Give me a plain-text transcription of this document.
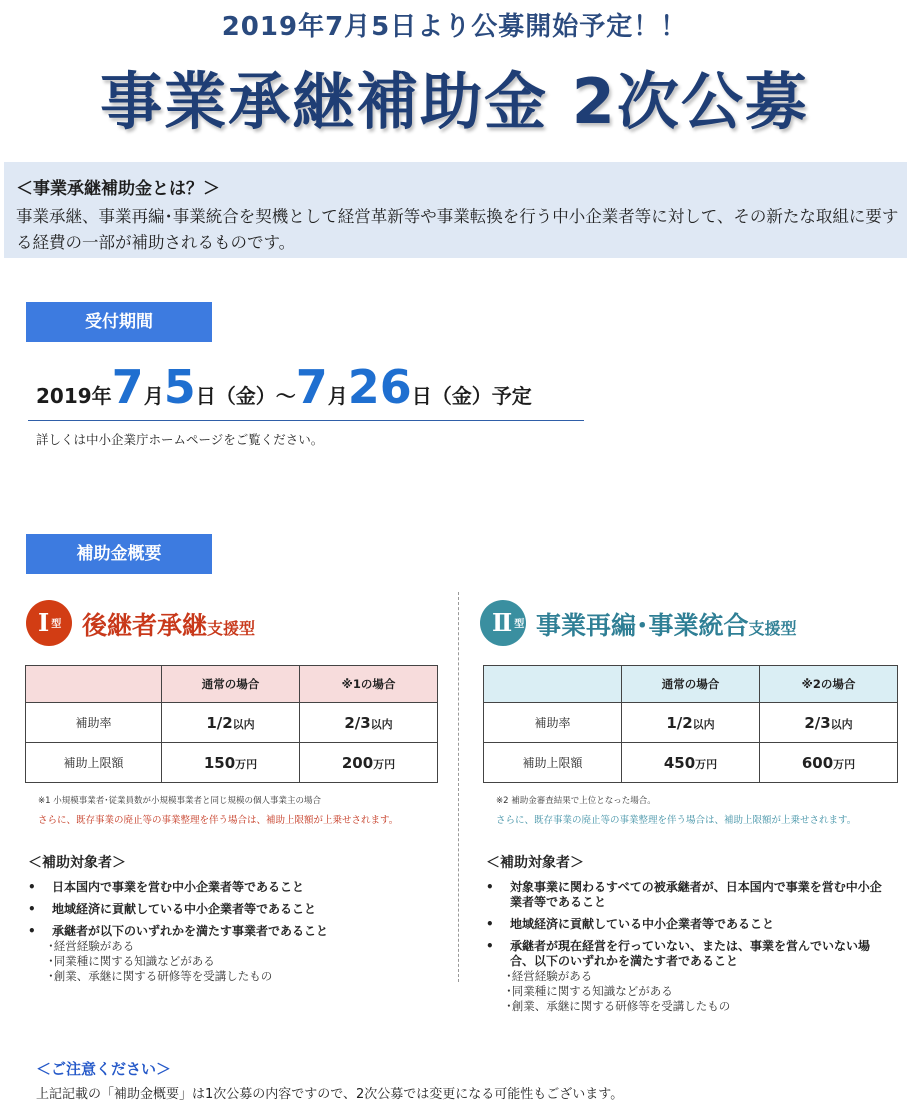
2019年7月5日より公募開始予定！！
事業承継補助金 2次公募
＜事業承継補助金とは？＞
事業承継、事業再編･事業統合を契機として経営革新等や事業転換を行う中小企業者等に対して、その新たな取組に要する経費の一部が補助されるものです。
受付期間
2019年7月5日（金）～7月26日（金）予定
詳しくは中小企業庁ホームページをご覧ください。
補助金概要
Ⅰ 型 後継者承継支援型	Ⅱ 型 事業再編･事業統合支援型
	通常の場合	※1の場合
補助率	1/2以内	2/3以内
補助上限額	150万円	200万円
	通常の場合	※2の場合
補助率	1/2以内	2/3以内
補助上限額	450万円	600万円
※1 小規模事業者･従業員数が小規模事業者と同じ規模の個人事業主の場合
さらに、既存事業の廃止等の事業整理を伴う場合は、補助上限額が上乗せされます。
※2 補助金審査結果で上位となった場合。
さらに、既存事業の廃止等の事業整理を伴う場合は、補助上限額が上乗せされます。
＜補助対象者＞
• 日本国内で事業を営む中小企業者等であること
• 地域経済に貢献している中小企業者等であること
• 承継者が以下のいずれかを満たす事業者であること
･経営経験がある
･同業種に関する知識などがある
･創業、承継に関する研修等を受講したもの
＜補助対象者＞
• 対象事業に関わるすべての被承継者が、日本国内で事業を営む中小企業者等であること
• 地域経済に貢献している中小企業者等であること
• 承継者が現在経営を行っていない、または、事業を営んでいない場合、以下のいずれかを満たす者であること
･経営経験がある
･同業種に関する知識などがある
･創業、承継に関する研修等を受講したもの
＜ご注意ください＞
上記記載の「補助金概要」は1次公募の内容ですので、2次公募では変更になる可能性もございます。
